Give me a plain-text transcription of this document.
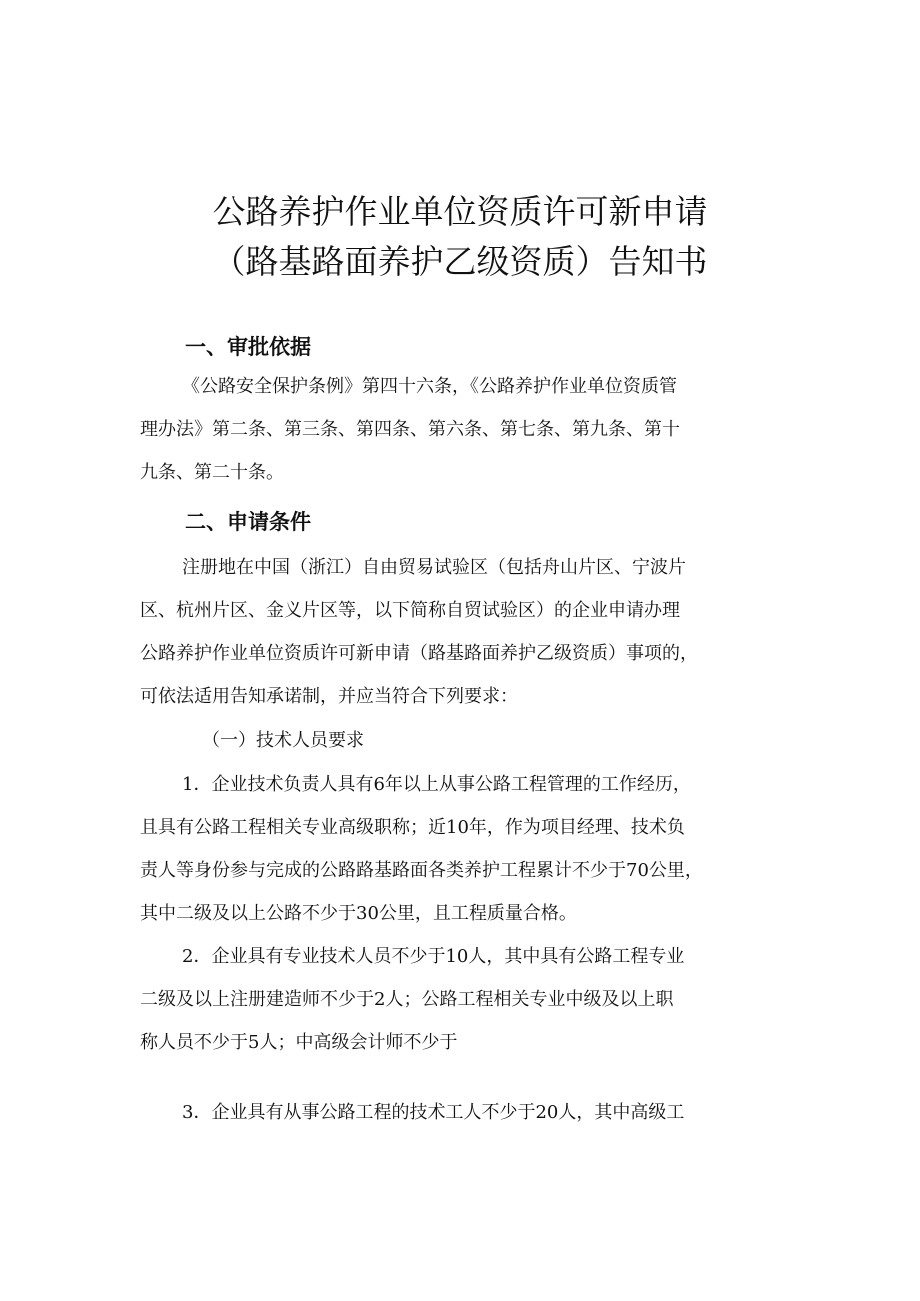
公路养护作业单位资质许可新申请
（路基路面养护乙级资质）告知书
一、审批依据

《公路安全保护条例》第四十六条，《公路养护作业单位资质管
理办法》第二条、第三条、第四条、第六条、第七条、第九条、第十
九条、第二十条。

二、申请条件

注册地在中国（浙江）自由贸易试验区（包括舟山片区、宁波片
区、杭州片区、金义片区等，以下简称自贸试验区）的企业申请办理
公路养护作业单位资质许可新申请（路基路面养护乙级资质）事项的，
可依法适用告知承诺制，并应当符合下列要求：

（一）技术人员要求

1．企业技术负责人具有6年以上从事公路工程管理的工作经历，
且具有公路工程相关专业高级职称；近10年，作为项目经理、技术负
责人等身份参与完成的公路路基路面各类养护工程累计不少于70公里，
其中二级及以上公路不少于30公里，且工程质量合格。

2．企业具有专业技术人员不少于10人，其中具有公路工程专业
二级及以上注册建造师不少于2人；公路工程相关专业中级及以上职
称人员不少于5人；中高级会计师不少于

3．企业具有从事公路工程的技术工人不少于20人，其中高级工
